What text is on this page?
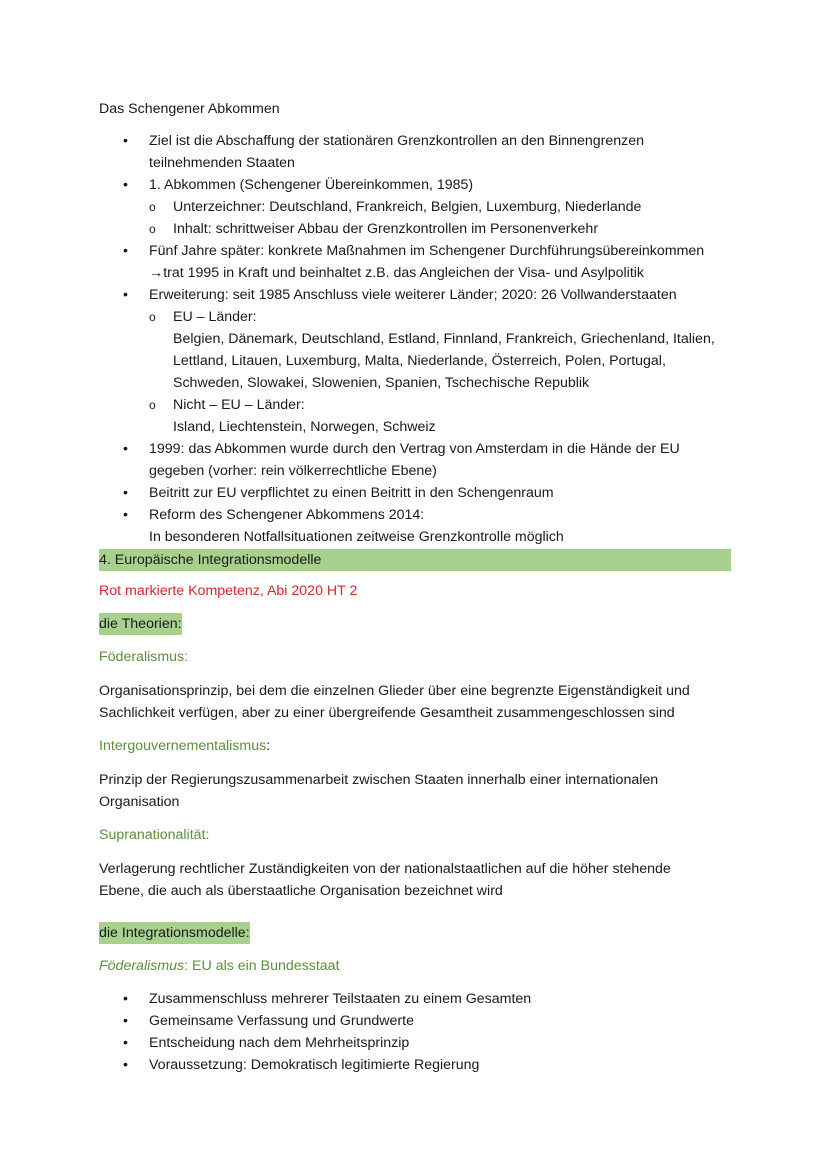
Das Schengener Abkommen
• Ziel ist die Abschaffung der stationären Grenzkontrollen an den Binnengrenzen
teilnehmenden Staaten
• 1. Abkommen (Schengener Übereinkommen, 1985)
o Unterzeichner: Deutschland, Frankreich, Belgien, Luxemburg, Niederlande
o Inhalt: schrittweiser Abbau der Grenzkontrollen im Personenverkehr
• Fünf Jahre später: konkrete Maßnahmen im Schengener Durchführungsübereinkommen
→trat 1995 in Kraft und beinhaltet z.B. das Angleichen der Visa- und Asylpolitik
• Erweiterung: seit 1985 Anschluss viele weiterer Länder; 2020: 26 Vollwanderstaaten
o EU – Länder:
Belgien, Dänemark, Deutschland, Estland, Finnland, Frankreich, Griechenland, Italien,
Lettland, Litauen, Luxemburg, Malta, Niederlande, Österreich, Polen, Portugal,
Schweden, Slowakei, Slowenien, Spanien, Tschechische Republik
o Nicht – EU – Länder:
Island, Liechtenstein, Norwegen, Schweiz
• 1999: das Abkommen wurde durch den Vertrag von Amsterdam in die Hände der EU
gegeben (vorher: rein völkerrechtliche Ebene)
• Beitritt zur EU verpflichtet zu einen Beitritt in den Schengenraum
• Reform des Schengener Abkommens 2014:
In besonderen Notfallsituationen zeitweise Grenzkontrolle möglich
4. Europäische Integrationsmodelle
Rot markierte Kompetenz, Abi 2020 HT 2
die Theorien:
Föderalismus:
Organisationsprinzip, bei dem die einzelnen Glieder über eine begrenzte Eigenständigkeit und
Sachlichkeit verfügen, aber zu einer übergreifende Gesamtheit zusammengeschlossen sind
Intergouvernementalismus:
Prinzip der Regierungszusammenarbeit zwischen Staaten innerhalb einer internationalen
Organisation
Supranationalität:
Verlagerung rechtlicher Zuständigkeiten von der nationalstaatlichen auf die höher stehende
Ebene, die auch als überstaatliche Organisation bezeichnet wird
die Integrationsmodelle:
Föderalismus: EU als ein Bundesstaat
• Zusammenschluss mehrerer Teilstaaten zu einem Gesamten
• Gemeinsame Verfassung und Grundwerte
• Entscheidung nach dem Mehrheitsprinzip
• Voraussetzung: Demokratisch legitimierte Regierung
